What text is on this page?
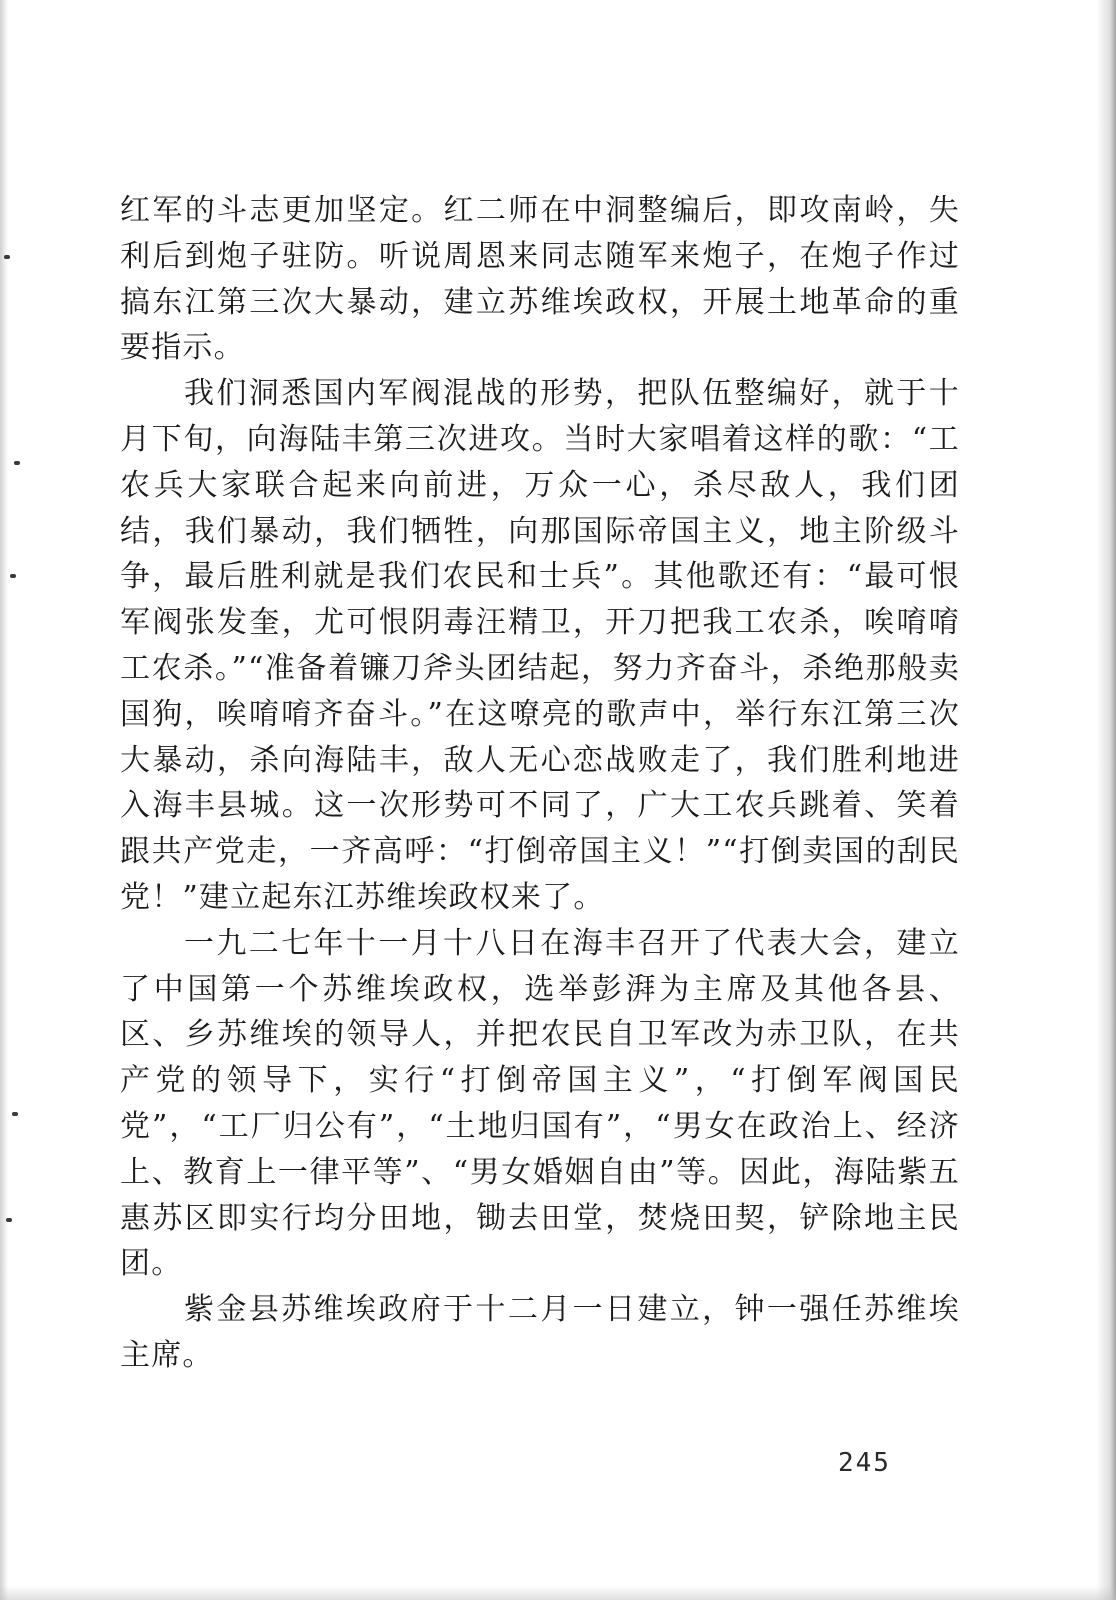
红军的斗志更加坚定。红二师在中洞整编后，即攻南岭，失利后到炮子驻防。听说周恩来同志随军来炮子，在炮子作过搞东江第三次大暴动，建立苏维埃政权，开展土地革命的重要指示。

我们洞悉国内军阀混战的形势，把队伍整编好，就于十月下旬，向海陆丰第三次进攻。当时大家唱着这样的歌：“工农兵大家联合起来向前进，万众一心，杀尽敌人，我们团结，我们暴动，我们牺牲，向那国际帝国主义，地主阶级斗争，最后胜利就是我们农民和士兵”。其他歌还有：“最可恨军阀张发奎，尤可恨阴毒汪精卫，开刀把我工农杀，唉唷唷工农杀。”“准备着镰刀斧头团结起，努力齐奋斗，杀绝那般卖国狗，唉唷唷齐奋斗。”在这嘹亮的歌声中，举行东江第三次大暴动，杀向海陆丰，敌人无心恋战败走了，我们胜利地进入海丰县城。这一次形势可不同了，广大工农兵跳着、笑着跟共产党走，一齐高呼：“打倒帝国主义！”“打倒卖国的刮民党！”建立起东江苏维埃政权来了。

一九二七年十一月十八日在海丰召开了代表大会，建立了中国第一个苏维埃政权，选举彭湃为主席及其他各县、区、乡苏维埃的领导人，并把农民自卫军改为赤卫队，在共产党的领导下，实行“打倒帝国主义”，“打倒军阀国民党”，“工厂归公有”，“土地归国有”，“男女在政治上、经济上、教育上一律平等”、“男女婚姻自由”等。因此，海陆紫五惠苏区即实行均分田地，锄去田堂，焚烧田契，铲除地主民团。

紫金县苏维埃政府于十二月一日建立，钟一强任苏维埃主席。

245
